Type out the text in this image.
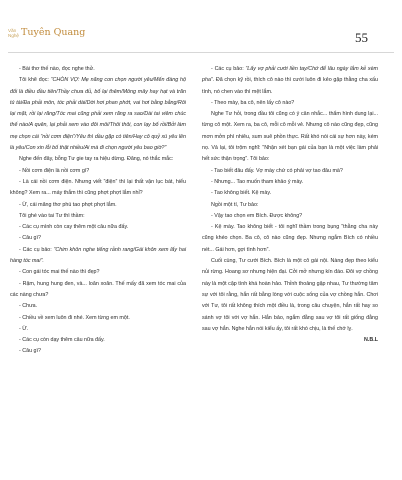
Văn Nghệ Tuyên Quang	55

- Bài thơ thế nào, đọc nghe thử.

Tôi khẽ đọc: “CHÒN VỢ: Mẹ năng con chọn người yêu/Mến đàng hộ đối là điều đầu tiên/Thầy chưa đủ, bố lại thêm/Mông mây hay hạt và trăn tú tài/Đa phải môn, tóc phải dài/Dời hơi phan phớt, vai hơi bằng bằng/Rôi lại mặt, rồi lại răng/Tóc mai cũng phải xem răng ra sao/Dài tai viêm chúc thế nào/A quên, lại phải xem vào đôi môi/Thôi thôi, con lạy bố rồi/Bởi làm mẹ chọn cái “nồi cơm điện”/Yêu thì dầu gặp có tiên/Hay cô quỷ xú yêu lên là yêu/Con xin lỗi bố thật nhiều/Ai mà đi chọn người yêu bao giờ?”

Nghe đến đây, bỗng Tư gie tay ra hiệu dừng. Đăng, nó thắc mắc:

- Nồi cơm điện là nồi cơm gì?

- Là cái nồi cơm điện. Nhưng viết “điện” thì lại thất vận lục bát, hiểu không? Xem ra... máy thắm thì cũng phợt phợt lắm nhỉ?

- Ừ, cái mãng thơ phú tao phợt phợt lắm.

Tôi ghé vào tai Tư thì thầm:

- Các cụ mình còn cay thêm một câu nữa đấy.

- Câu gì?

- Các cụ bảo: “Chim khôn nghe tiếng rảnh rang/Gái khôn xem lấy hai hàng tóc mai”.

- Con gái tóc mai thế nào thì đẹp?

- Rậm, hung hung đen, và... loăn xoăn. Thế mấy đã xem tóc mai của các nàng chưa?

- Chưa.

- Chiều về xem luôn đi nhé. Xem từng em một.

- Ừ.

- Các cụ còn dạy thêm câu nữa đấy.

- Câu gì?

- Các cụ bảo: “Lấy vợ phải cưới liền tay/Chớ để lâu ngày lắm kẻ xèm pha”. Đã chọn kỹ rồi, thích cô nào thì cưới luôn đi kẻo gặp thằng cha xấu tính, nó chen vào thì mệt lắm.

- Theo mày, ba cô, nên lấy cô nào?

Nghe Tư hỏi, trong đầu tôi cũng có ý cân nhắc... thẩm hình dung lại... từng cô một. Xem ra, ba cô, mỗi cô mỗi vẻ. Nhưng cô nào cũng đẹp, cũng mơn mởn phì nhiêu, sum suê phồn thực. Rất khó nói cái sự hơn này, kém nọ. Vả lại, tôi trộm nghĩ: “Nhận xét bạn gái của bạn là một việc làm phải hết sức thận trọng”. Tôi bảo:

- Tao biết đâu đấy. Vợ mày chứ có phải vợ tao đâu mà?

- Nhưng... Tao muốn tham khảo ý mày.

- Tao không biết. Kệ mày.

Ngồi một tí, Tư bảo:

- Vậy tao chọn em Bích. Được không?

- Kệ mày. Tao không biết - tôi nghĩ thầm trong bụng “thằng cha này cũng khéo chọn. Ba cô, cô nào cũng đẹp. Nhưng ngắm Bích có nhiều nét... Gái hơn, gợi tình hơn”.

Cuối cùng, Tư cưới Bích. Bích là một cô gái nội. Nàng đẹp theo kiểu nủi rừng. Hoang sơ nhưng hiện đại. Cởi mở nhưng kín đáo. Đôi vợ chồng này là một cặp tình khá hoàn hảo. Thỉnh thoảng gặp nhau, Tư thường tâm sự với tôi rằng, hắn rất bằng lòng với cuộc sống của vợ chồng hắn. Chơi với Tư, tôi rất không thích một điều là, trong câu chuyện, hắn rất hay so sánh vợ tôi với vợ hắn. Hắn bảo, ngắm đằng sau vợ tôi rất giống đằng sau vợ hắn. Nghe hắn nói kiểu ấy, tôi rất khó chịu, là thế chớ lỵ.

N.B.L
